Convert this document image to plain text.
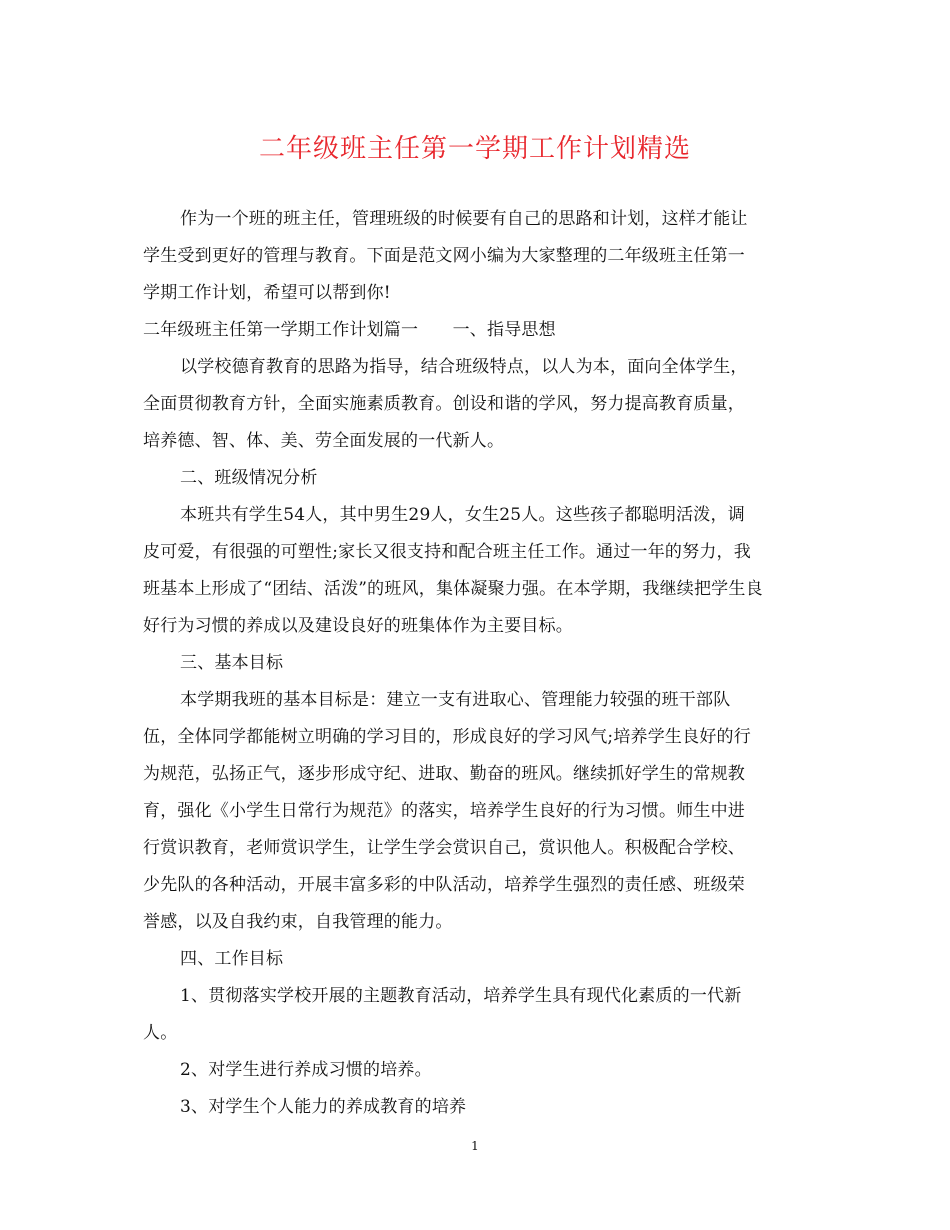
二年级班主任第一学期工作计划精选
作为一个班的班主任，管理班级的时候要有自己的思路和计划，这样才能让
学生受到更好的管理与教育。下面是范文网小编为大家整理的二年级班主任第一
学期工作计划，希望可以帮到你!
二年级班主任第一学期工作计划篇一　　一、指导思想
以学校德育教育的思路为指导，结合班级特点，以人为本，面向全体学生，
全面贯彻教育方针，全面实施素质教育。创设和谐的学风，努力提高教育质量，
培养德、智、体、美、劳全面发展的一代新人。
二、班级情况分析
本班共有学生54人，其中男生29人，女生25人。这些孩子都聪明活泼，调
皮可爱，有很强的可塑性;家长又很支持和配合班主任工作。通过一年的努力，我
班基本上形成了“团结、活泼”的班风，集体凝聚力强。在本学期，我继续把学生良
好行为习惯的养成以及建设良好的班集体作为主要目标。
三、基本目标
本学期我班的基本目标是：建立一支有进取心、管理能力较强的班干部队
伍，全体同学都能树立明确的学习目的，形成良好的学习风气;培养学生良好的行
为规范，弘扬正气，逐步形成守纪、进取、勤奋的班风。继续抓好学生的常规教
育，强化《小学生日常行为规范》的落实，培养学生良好的行为习惯。师生中进
行赏识教育，老师赏识学生，让学生学会赏识自己，赏识他人。积极配合学校、
少先队的各种活动，开展丰富多彩的中队活动，培养学生强烈的责任感、班级荣
誉感，以及自我约束，自我管理的能力。
四、工作目标
1、贯彻落实学校开展的主题教育活动，培养学生具有现代化素质的一代新
人。
2、对学生进行养成习惯的培养。
3、对学生个人能力的养成教育的培养
1
